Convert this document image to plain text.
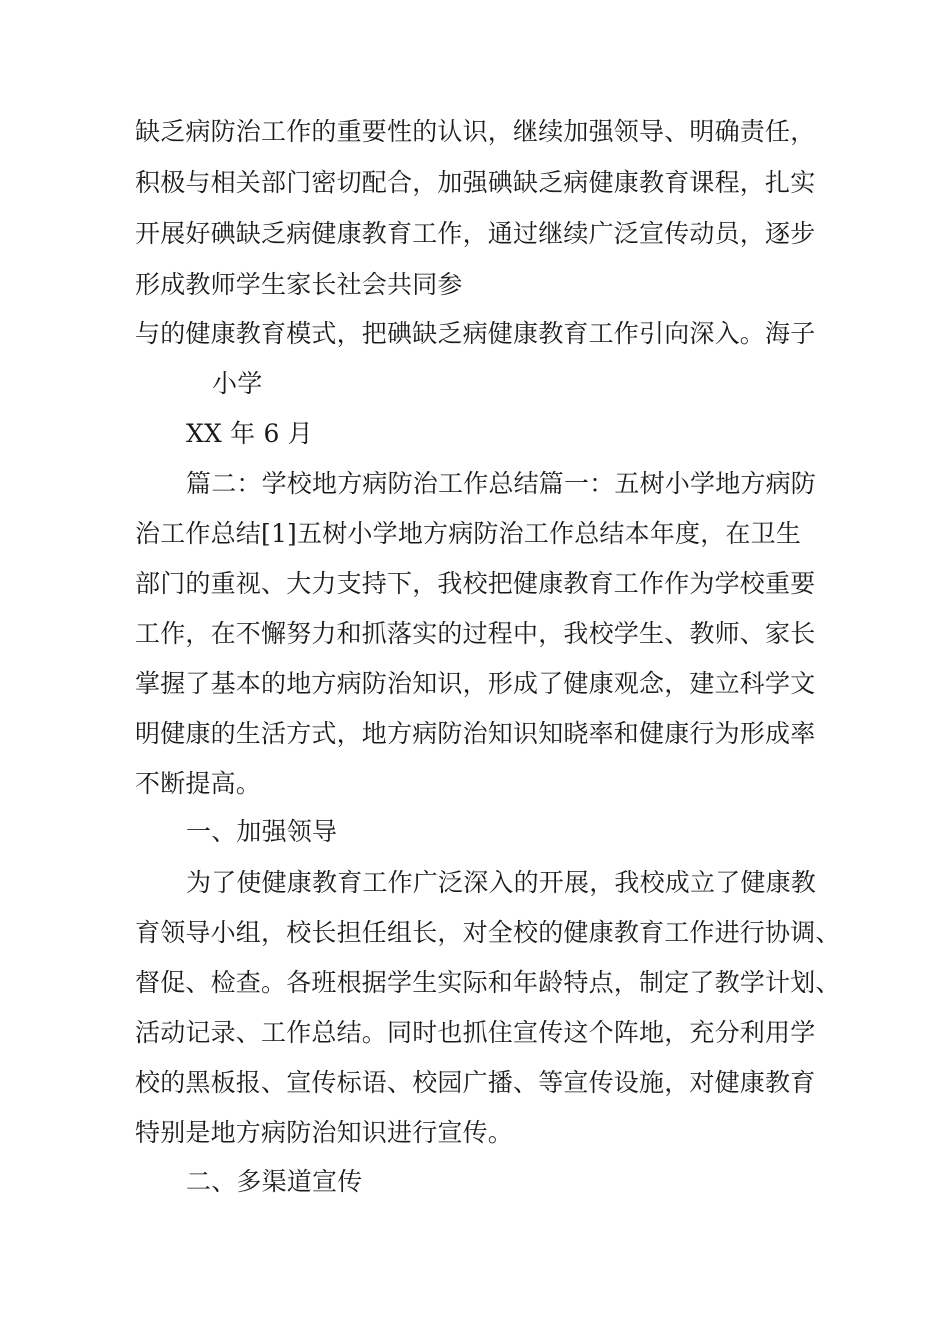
缺乏病防治工作的重要性的认识，继续加强领导、明确责任，
积极与相关部门密切配合，加强碘缺乏病健康教育课程，扎实
开展好碘缺乏病健康教育工作，通过继续广泛宣传动员，逐步
形成教师学生家长社会共同参
与的健康教育模式，把碘缺乏病健康教育工作引向深入。海子
小学
XX 年 6 月
篇二：学校地方病防治工作总结篇一：五树小学地方病防
治工作总结[1]五树小学地方病防治工作总结本年度，在卫生
部门的重视、大力支持下，我校把健康教育工作作为学校重要
工作，在不懈努力和抓落实的过程中，我校学生、教师、家长
掌握了基本的地方病防治知识，形成了健康观念，建立科学文
明健康的生活方式，地方病防治知识知晓率和健康行为形成率
不断提高。
一、加强领导
为了使健康教育工作广泛深入的开展，我校成立了健康教
育领导小组，校长担任组长，对全校的健康教育工作进行协调、
督促、检查。各班根据学生实际和年龄特点，制定了教学计划、
活动记录、工作总结。同时也抓住宣传这个阵地，充分利用学
校的黑板报、宣传标语、校园广播、等宣传设施，对健康教育
特别是地方病防治知识进行宣传。
二、多渠道宣传
